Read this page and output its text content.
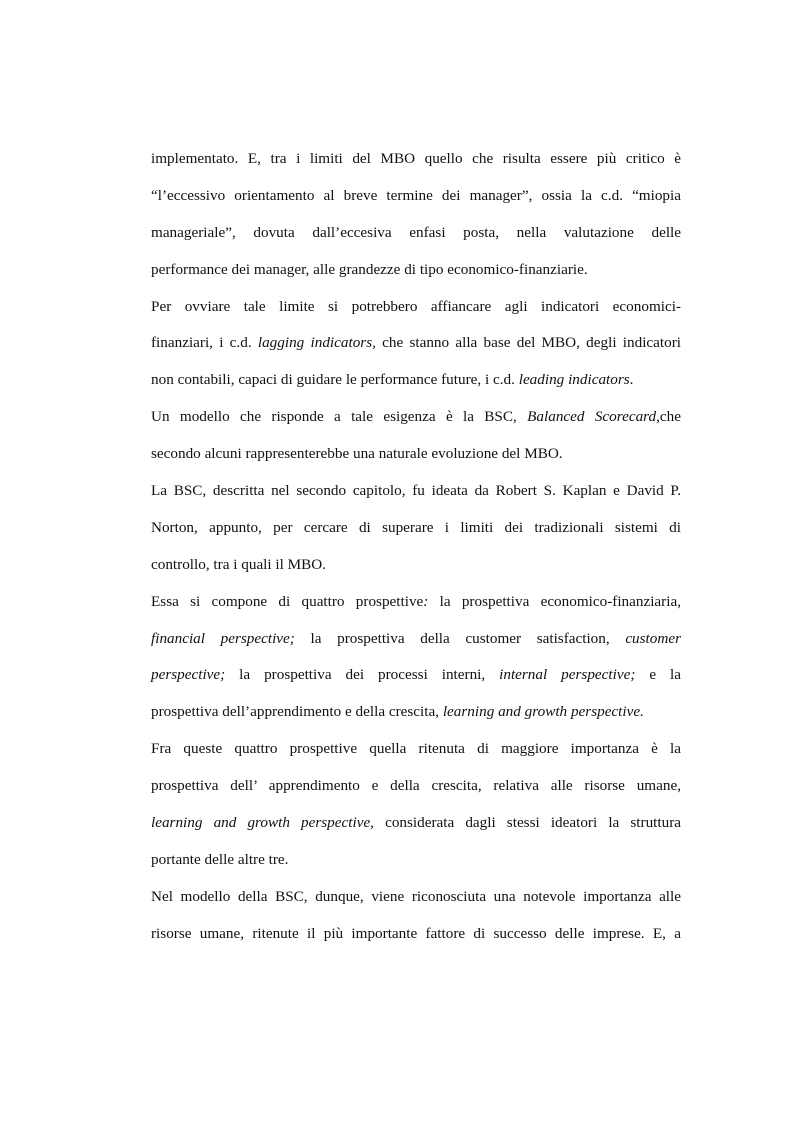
implementato. E, tra i limiti del MBO quello che risulta essere più critico è
“l’eccessivo orientamento al breve termine dei manager”, ossia la c.d. “miopia
manageriale”, dovuta dall’eccesiva enfasi posta, nella valutazione delle
performance dei manager, alle grandezze di tipo economico-finanziarie.
Per ovviare tale limite si potrebbero affiancare agli indicatori economici-
finanziari, i c.d. lagging indicators, che stanno alla base del MBO, degli indicatori
non contabili, capaci di guidare le performance future, i c.d. leading indicators.
Un modello che risponde a tale esigenza è la BSC, Balanced Scorecard,che
secondo alcuni rappresenterebbe una naturale evoluzione del MBO.
La BSC, descritta nel secondo capitolo, fu ideata da Robert S. Kaplan e David P.
Norton, appunto, per cercare di superare i limiti dei tradizionali sistemi di
controllo, tra i quali il MBO.
Essa si compone di quattro prospettive: la prospettiva economico-finanziaria,
financial perspective; la prospettiva della customer satisfaction, customer
perspective; la prospettiva dei processi interni, internal perspective; e la
prospettiva dell’apprendimento e della crescita, learning and growth perspective.
Fra queste quattro prospettive quella ritenuta di maggiore importanza è la
prospettiva dell’ apprendimento e della crescita, relativa alle risorse umane,
learning and growth perspective, considerata dagli stessi ideatori la struttura
portante delle altre tre.
Nel modello della BSC, dunque, viene riconosciuta una notevole importanza alle
risorse umane, ritenute il più importante fattore di successo delle imprese. E, a
